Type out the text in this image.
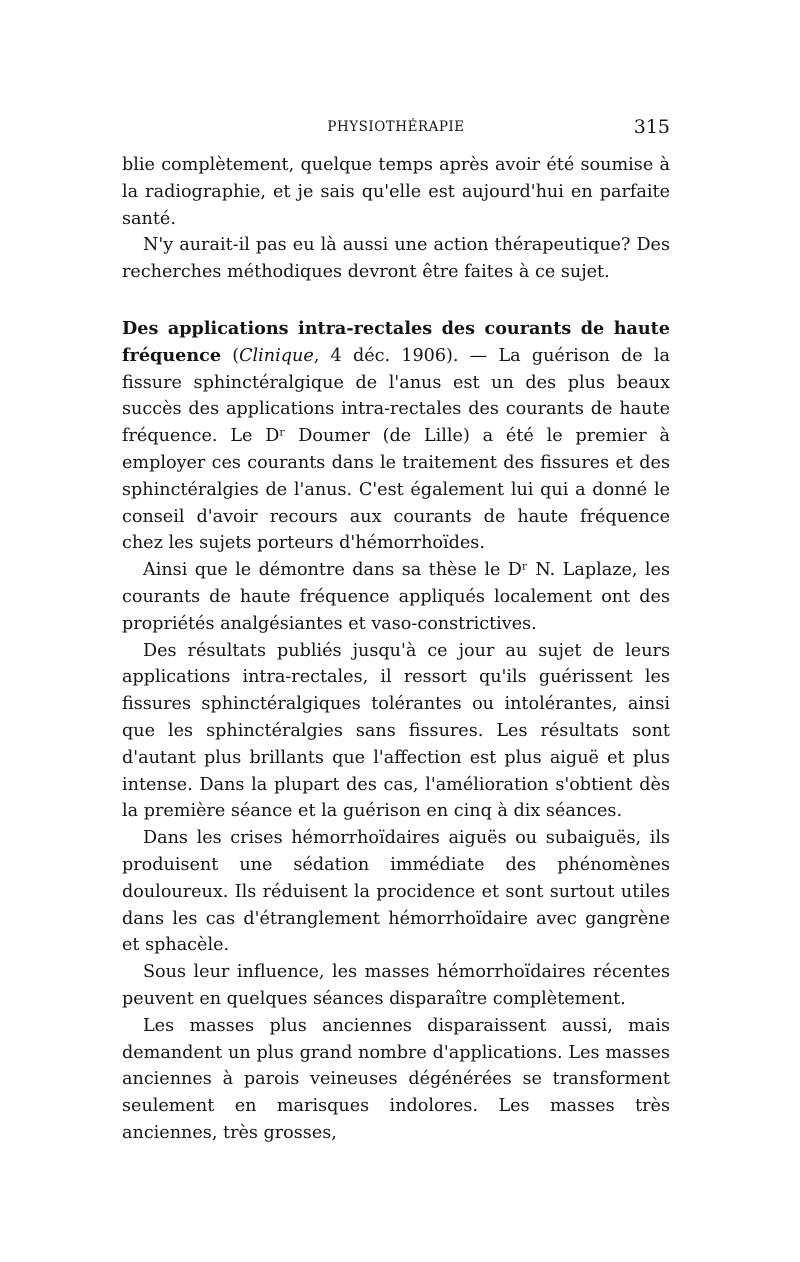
PHYSIOTHÉRAPIE	315

blie complètement, quelque temps après avoir été soumise à la radiographie, et je sais qu'elle est aujourd'hui en parfaite santé.

N'y aurait-il pas eu là aussi une action thérapeutique? Des recherches méthodiques devront être faites à ce sujet.

Des applications intra-rectales des courants de haute fréquence (Clinique, 4 déc. 1906). — La guérison de la fissure sphinctéralgique de l'anus est un des plus beaux succès des applications intra-rectales des courants de haute fréquence. Le Dʳ Doumer (de Lille) a été le premier à employer ces courants dans le traitement des fissures et des sphinctéralgies de l'anus. C'est également lui qui a donné le conseil d'avoir recours aux courants de haute fréquence chez les sujets porteurs d'hémorrhoïdes.

Ainsi que le démontre dans sa thèse le Dʳ N. Laplaze, les courants de haute fréquence appliqués localement ont des propriétés analgésiantes et vaso-constrictives.

Des résultats publiés jusqu'à ce jour au sujet de leurs applications intra-rectales, il ressort qu'ils guérissent les fissures sphinctéralgiques tolérantes ou intolérantes, ainsi que les sphinctéralgies sans fissures. Les résultats sont d'autant plus brillants que l'affection est plus aiguë et plus intense. Dans la plupart des cas, l'amélioration s'obtient dès la première séance et la guérison en cinq à dix séances.

Dans les crises hémorrhoïdaires aiguës ou subaiguës, ils produisent une sédation immédiate des phénomènes douloureux. Ils réduisent la procidence et sont surtout utiles dans les cas d'étranglement hémorrhoïdaire avec gangrène et sphacèle.

Sous leur influence, les masses hémorrhoïdaires récentes peuvent en quelques séances disparaître complètement.

Les masses plus anciennes disparaissent aussi, mais demandent un plus grand nombre d'applications. Les masses anciennes à parois veineuses dégénérées se transforment seulement en marisques indolores. Les masses très anciennes, très grosses,
